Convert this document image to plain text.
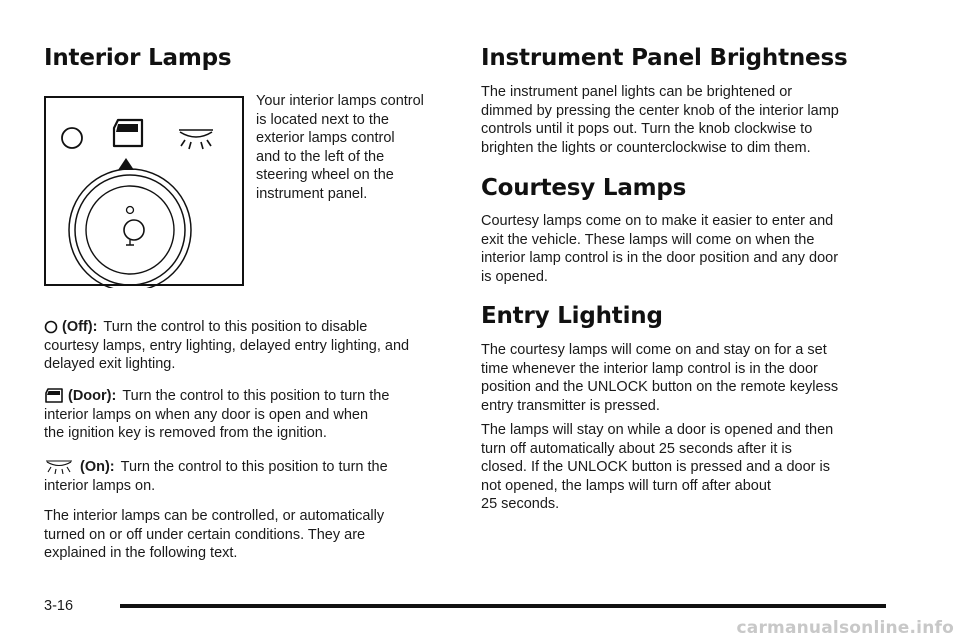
Interior Lamps

Your interior lamps control

is located next to the

exterior lamps control

and to the left of the

steering wheel on the

instrument panel.

(Off): Turn the control to this position to disable

courtesy lamps, entry lighting, delayed entry lighting, and

delayed exit lighting.

(Door): Turn the control to this position to turn the

interior lamps on when any door is open and when

the ignition key is removed from the ignition.

(On): Turn the control to this position to turn the

interior lamps on.

The interior lamps can be controlled, or automatically

turned on or off under certain conditions. They are

explained in the following text.

Instrument Panel Brightness

The instrument panel lights can be brightened or

dimmed by pressing the center knob of the interior lamp

controls until it pops out. Turn the knob clockwise to

brighten the lights or counterclockwise to dim them.

Courtesy Lamps

Courtesy lamps come on to make it easier to enter and

exit the vehicle. These lamps will come on when the

interior lamp control is in the door position and any door

is opened.

Entry Lighting

The courtesy lamps will come on and stay on for a set

time whenever the interior lamp control is in the door

position and the UNLOCK button on the remote keyless

entry transmitter is pressed.

The lamps will stay on while a door is opened and then

turn off automatically about 25 seconds after it is

closed. If the UNLOCK button is pressed and a door is

not opened, the lamps will turn off after about

25 seconds.

3-16
carmanualsonline.info
